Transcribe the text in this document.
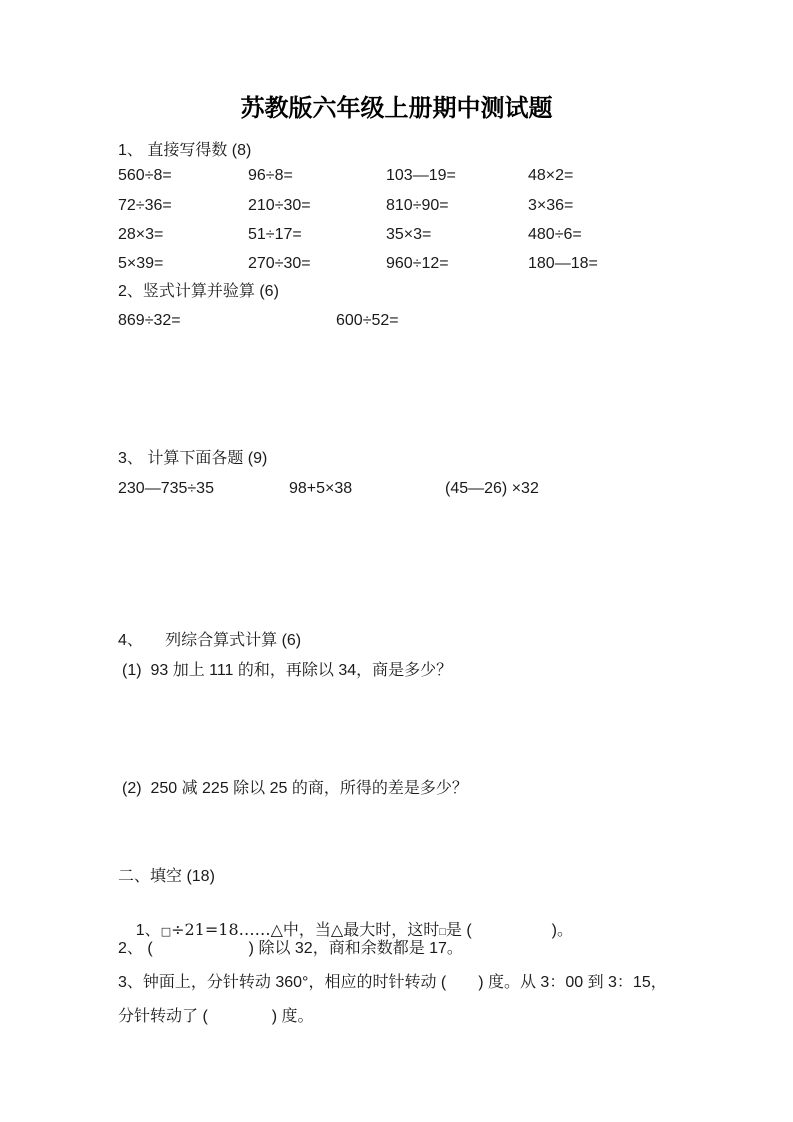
苏教版六年级上册期中测试题
1、 直接写得数 (8)
560÷8=	96÷8=	103—19=	48×2=
72÷36=	210÷30=	810÷90=	3×36=
28×3=	51÷17=	35×3=	480÷6=
5×39=	270÷30=	960÷12=	180—18=
2、竖式计算并验算 (6)
869÷32=	600÷52=
3、 计算下面各题 (9)
230—735÷35	98+5×38	(45—26) ×32
4、     列综合算式计算 (6)
(1)  93 加上 111 的和，再除以 34，商是多少？
(2)  250 减 225 除以 25 的商，所得的差是多少？
二、填空 (18)

1、□÷21=18……△中，当△最大时，这时□是 (　　　　　)。

2、 (　　　　　　) 除以 32，商和余数都是 17。
3、钟面上，分针转动 360°，相应的时针转动 (　　) 度。从 3：00 到 3：15，
分针转动了 (　　　　) 度。
